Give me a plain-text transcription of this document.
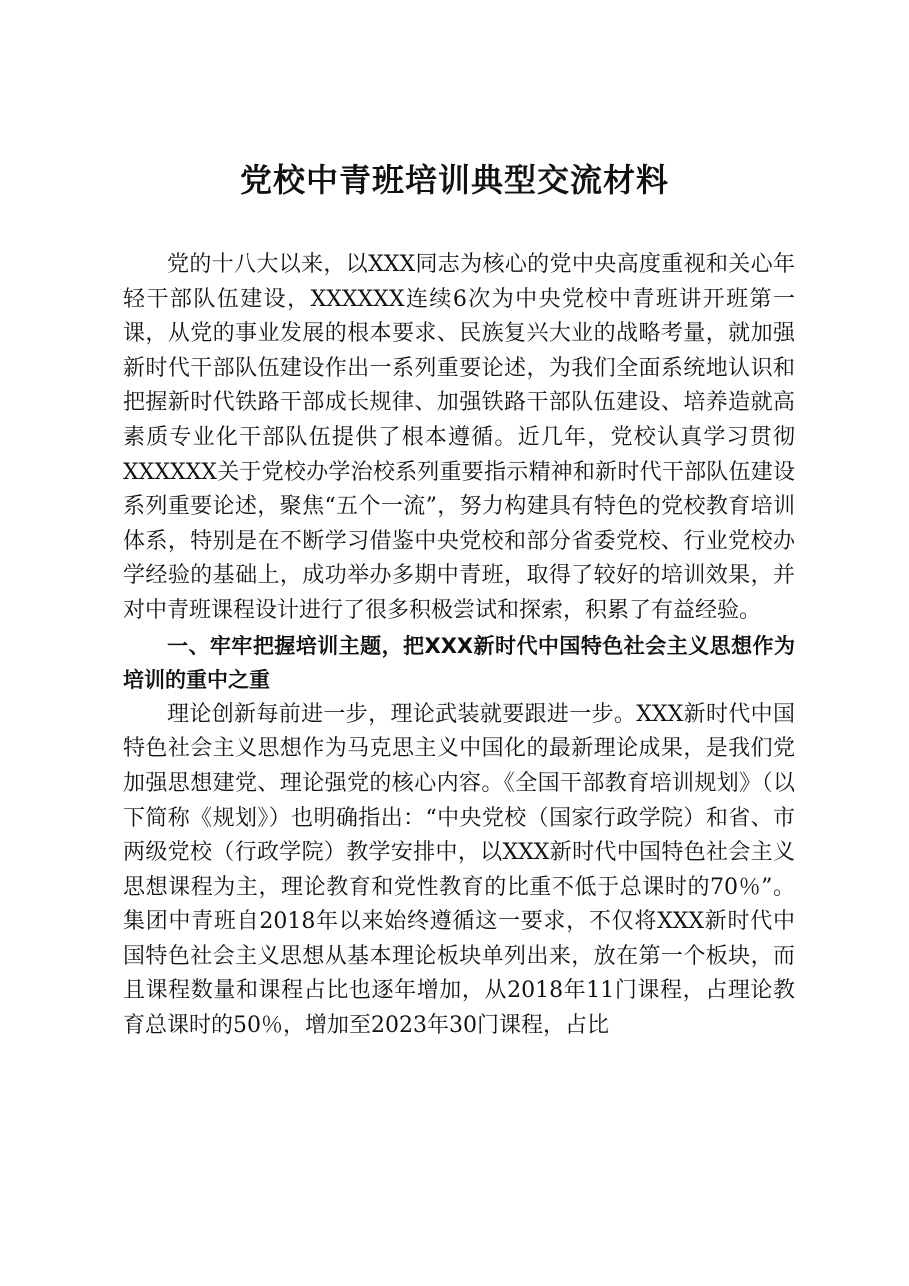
党校中青班培训典型交流材料

党的十八大以来，以XXX同志为核心的党中央高度重视和关心年轻干部队伍建设，XXXXXX连续6次为中央党校中青班讲开班第一课，从党的事业发展的根本要求、民族复兴大业的战略考量，就加强新时代干部队伍建设作出一系列重要论述，为我们全面系统地认识和把握新时代铁路干部成长规律、加强铁路干部队伍建设、培养造就高素质专业化干部队伍提供了根本遵循。近几年，党校认真学习贯彻XXXXXX关于党校办学治校系列重要指示精神和新时代干部队伍建设系列重要论述，聚焦“五个一流”，努力构建具有特色的党校教育培训体系，特别是在不断学习借鉴中央党校和部分省委党校、行业党校办学经验的基础上，成功举办多期中青班，取得了较好的培训效果，并对中青班课程设计进行了很多积极尝试和探索，积累了有益经验。

一、牢牢把握培训主题，把XXX新时代中国特色社会主义思想作为培训的重中之重

理论创新每前进一步，理论武装就要跟进一步。XXX新时代中国特色社会主义思想作为马克思主义中国化的最新理论成果，是我们党加强思想建党、理论强党的核心内容。《全国干部教育培训规划》（以下简称《规划》）也明确指出：“中央党校（国家行政学院）和省、市两级党校（行政学院）教学安排中，以XXX新时代中国特色社会主义思想课程为主，理论教育和党性教育的比重不低于总课时的70％”。集团中青班自2018年以来始终遵循这一要求，不仅将XXX新时代中国特色社会主义思想从基本理论板块单列出来，放在第一个板块，而且课程数量和课程占比也逐年增加，从2018年11门课程，占理论教育总课时的50％，增加至2023年30门课程，占比
